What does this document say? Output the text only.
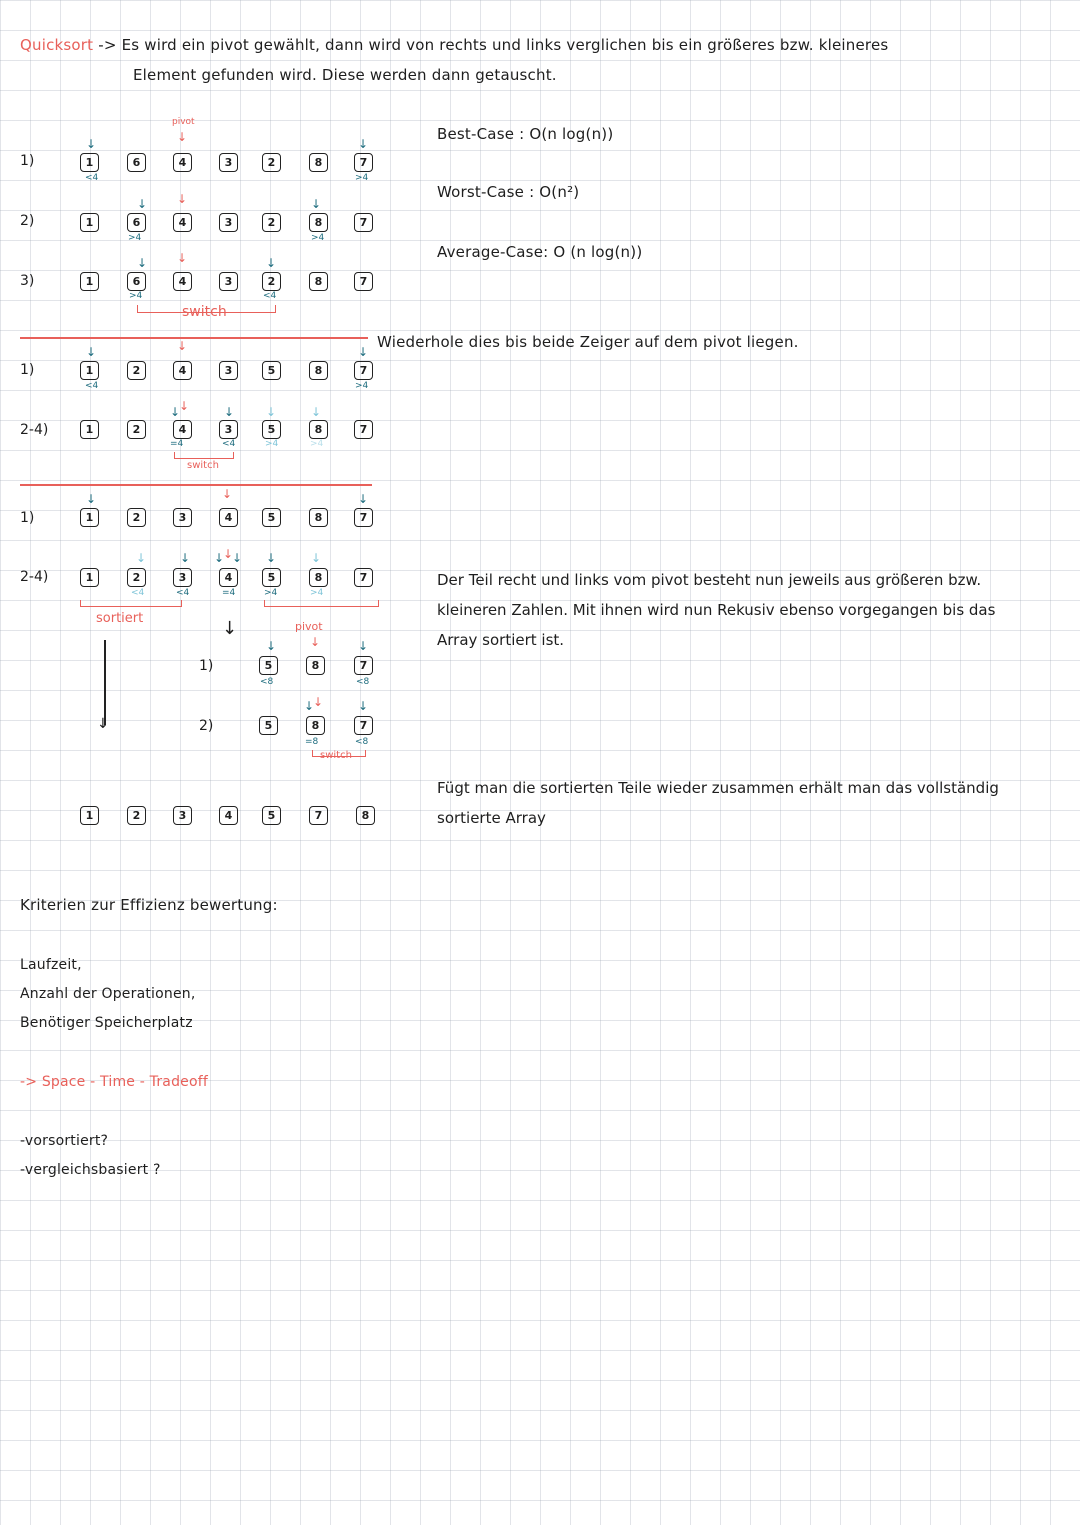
Quicksort -> Es wird ein pivot gewählt, dann wird von rechts und links verglichen bis ein größeres bzw. kleineres
Element gefunden wird. Diese werden dann getauscht.
Best-Case : O(n log(n))
Worst-Case : O(n²)
Average-Case: O (n log(n))
pivot
↓
↓	↓
1)	1	6	4	3	2	8	7
<4	>4
↓ ↓	↓
2)	1	6	4	3	2	8	7
>4	>4
↓ ↓	↓
3)	1	6	4	3	2	8	7
>4	<4
switch
Wiederhole dies bis beide Zeiger auf dem pivot liegen.
↓	↓	↓
1)	1	2	4	3	5	8	7
<4	>4
↓
↓	↓	↓	↓
2-4)	1	2	4	3	5	8	7
=4	<4	>4	>4
switch
↓	↓	↓
1)	1	2	3	4	5	8	7
↓	↓ ↓
↓
↓ ↓	↓
2-4)	1	2	3	4	5	8	7
<4	<4	=4	>4	>4
sortiert	↓
↓
pivot
↓
↓	↓
1)	5	8	7
<8	<8
↓
↓	↓
2)	5	8	7
=8	<8
switch
1	2	3	4	5	7	8
Der Teil recht und links vom pivot besteht nun jeweils aus größeren bzw. kleineren Zahlen. Mit ihnen wird nun Rekusiv ebenso vorgegangen bis das Array sortiert ist.
Fügt man die sortierten Teile wieder zusammen erhält man das vollständig sortierte Array
Kriterien zur Effizienz bewertung:
Laufzeit,
Anzahl der Operationen,
Benötiger Speicherplatz
-> Space - Time - Tradeoff
-vorsortiert?
-vergleichsbasiert ?
